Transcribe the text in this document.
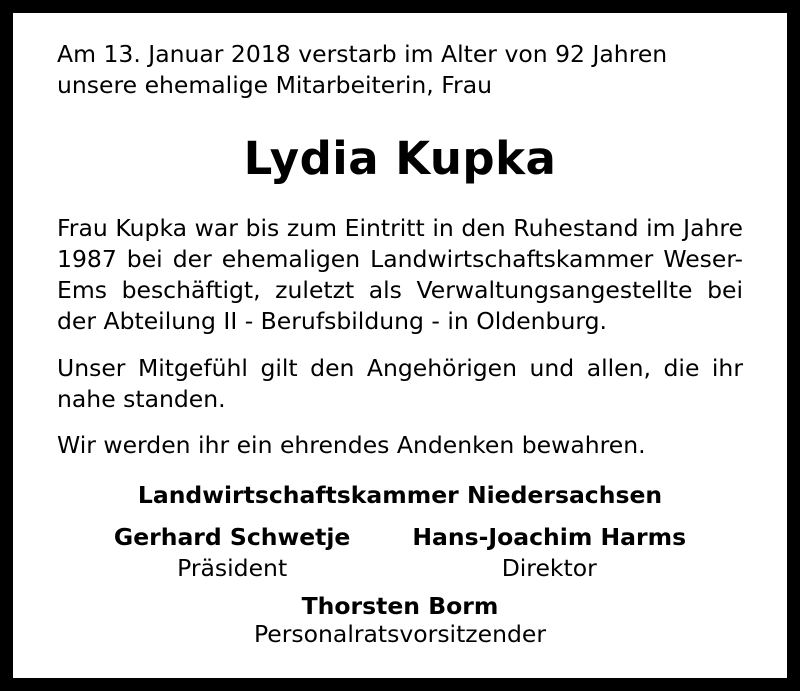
Am 13. Januar 2018 verstarb im Alter von 92 Jahren unsere ehemalige Mitarbeiterin, Frau

Lydia Kupka

Frau Kupka war bis zum Eintritt in den Ruhestand im Jahre 1987 bei der ehemaligen Landwirtschaftskammer Weser-Ems beschäftigt, zuletzt als Verwaltungsangestellte bei der Abteilung II - Berufsbildung - in Oldenburg.

Unser Mitgefühl gilt den Angehörigen und allen, die ihr nahe standen.

Wir werden ihr ein ehrendes Andenken bewahren.

Landwirtschaftskammer Niedersachsen

Gerhard Schwetje

Präsident

Hans-Joachim Harms

Direktor

Thorsten Borm

Personalratsvorsitzender
